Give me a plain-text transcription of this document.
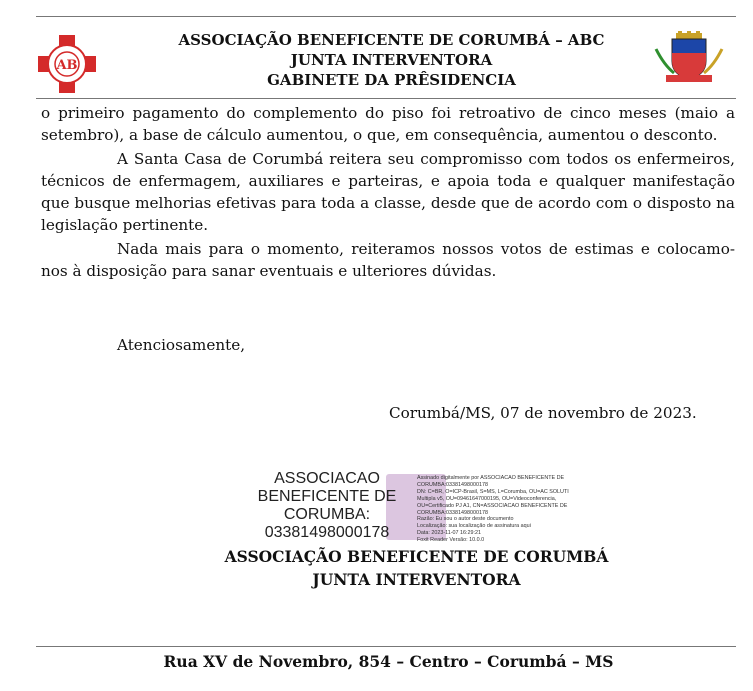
AB
ASSOCIAÇÃO BENEFICENTE DE CORUMBÁ – ABC
JUNTA INTERVENTORA
GABINETE DA PRÊSIDENCIA

o primeiro pagamento do complemento do piso foi retroativo de cinco meses (maio a setembro), a base de cálculo aumentou, o que, em consequência, aumentou o desconto.

A Santa Casa de Corumbá reitera seu compromisso com todos os enfermeiros, técnicos de enfermagem, auxiliares e parteiras, e apoia toda e qualquer manifestação que busque melhorias efetivas para toda a classe, desde que de acordo com o disposto na legislação pertinente.

Nada mais para o momento, reiteramos nossos votos de estimas e colocamo-nos à disposição para sanar eventuais e ulteriores dúvidas.

Atenciosamente,
Corumbá/MS, 07 de novembro de 2023.
ASSOCIACAO
BENEFICENTE DE
CORUMBA:
03381498000178
Assinado digitalmente por ASSOCIACAO BENEFICENTE DE
CORUMBA:03381498000178
DN: C=BR, O=ICP-Brasil, S=MS, L=Corumba, OU=AC SOLUTI
Multipla v5, OU=09461647000195, OU=Videoconferencia,
OU=Certificado PJ A1, CN=ASSOCIACAO BENEFICENTE DE
CORUMBA:03381498000178
Razão: Eu sou o autor deste documento
Localização: sua localização de assinatura aqui
Data: 2023-11-07 16:29:21
Foxit Reader Versão: 10.0.0
ASSOCIAÇÃO BENEFICENTE DE CORUMBÁ
JUNTA INTERVENTORA
Rua XV de Novembro, 854 – Centro – Corumbá – MS
